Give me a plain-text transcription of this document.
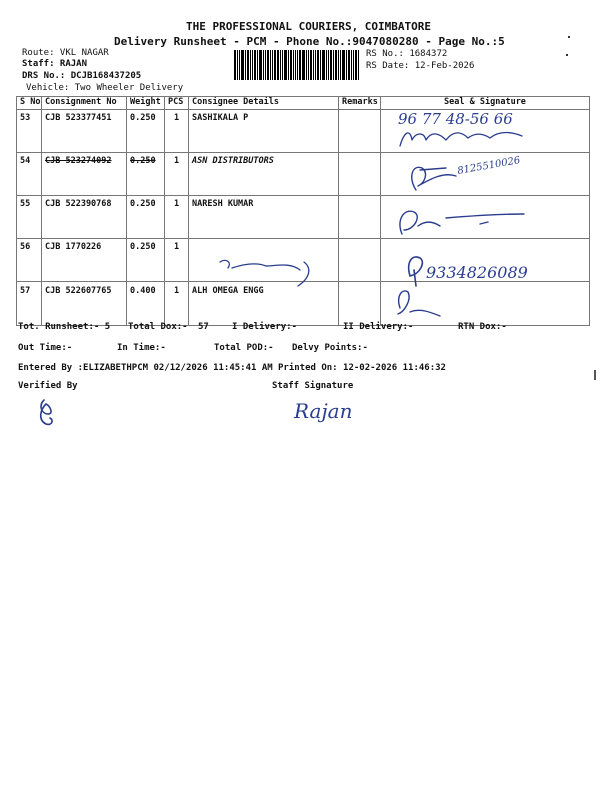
THE PROFESSIONAL COURIERS, COIMBATORE
Delivery Runsheet - PCM - Phone No.:9047080280 - Page No.:5
Route: VKL NAGAR
Staff: RAJAN
DRS No.: DCJB168437205
Vehicle: Two Wheeler Delivery
RS No.: 1684372
RS Date: 12-Feb-2026
S No	Consignment No	Weight	PCS	Consignee Details	Remarks	Seal & Signature
53	CJB 523377451	0.250	1	SASHIKALA P		
54	CJB 523274092	0.250	1	ASN DISTRIBUTORS		
55	CJB 522390768	0.250	1	NARESH KUMAR		
56	CJB 1770226	0.250	1			
57	CJB 522607765	0.400	1	ALH OMEGA ENGG		
Tot. Runsheet:- 5 Total Dox:- 57	I Delivery:-	II Delivery:-	RTN Dox:-
Out Time:-	In Time:-	Total POD:- Delvy Points:-
Entered By :ELIZABETHPCM 02/12/2026 11:45:41 AM Printed On: 12-02-2026 11:46:32
Verified By	Staff Signature
96 77 48-56 66
8125510026
9334826089
Rajan
